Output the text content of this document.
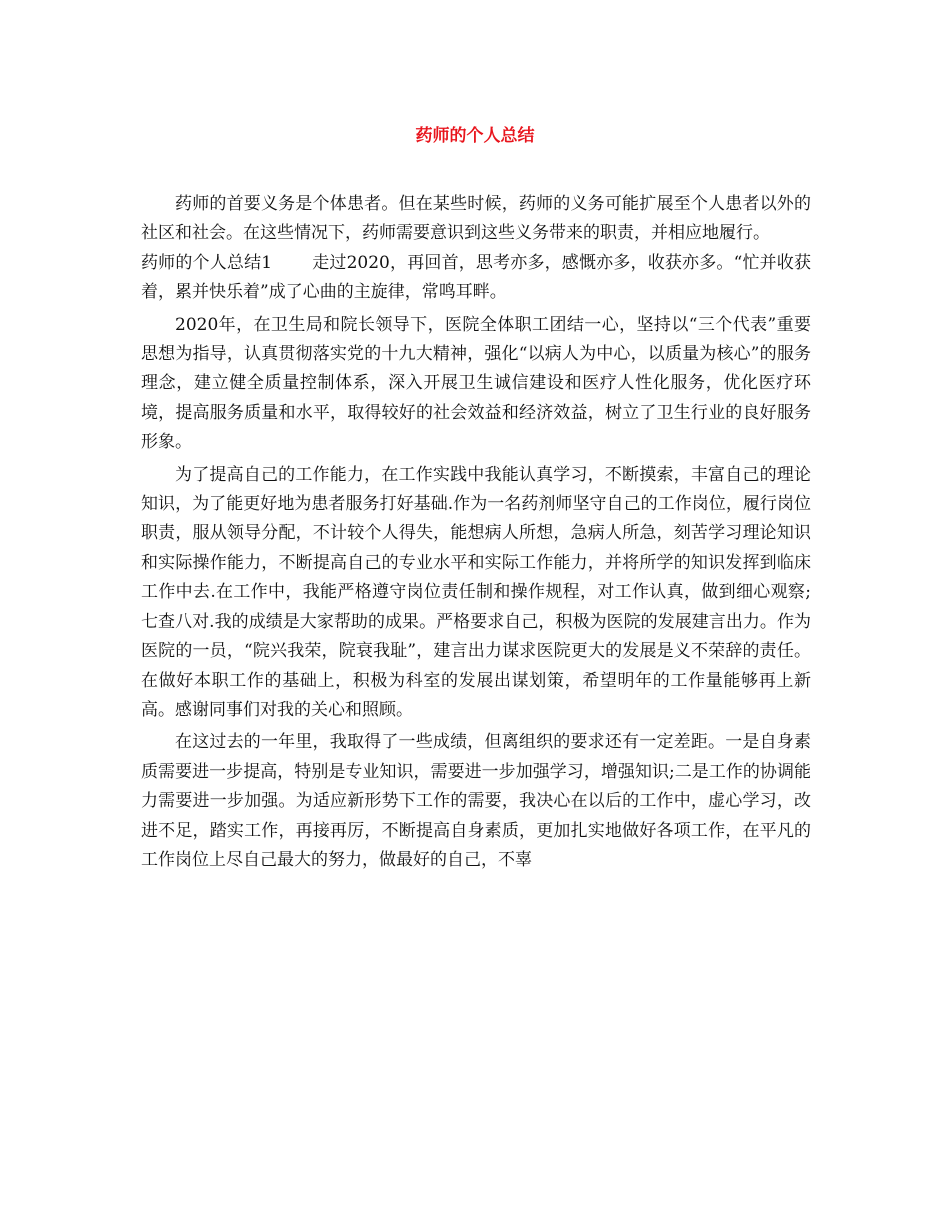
药师的个人总结

药师的首要义务是个体患者。但在某些时候，药师的义务可能扩展至个人患者以外的社区和社会。在这些情况下，药师需要意识到这些义务带来的职责，并相应地履行。

药师的个人总结1 走过2020，再回首，思考亦多，感慨亦多，收获亦多。“忙并收获着，累并快乐着”成了心曲的主旋律，常鸣耳畔。

2020年，在卫生局和院长领导下，医院全体职工团结一心，坚持以“三个代表”重要思想为指导，认真贯彻落实党的十九大精神，强化“以病人为中心，以质量为核心”的服务理念，建立健全质量控制体系，深入开展卫生诚信建设和医疗人性化服务，优化医疗环境，提高服务质量和水平，取得较好的社会效益和经济效益，树立了卫生行业的良好服务形象。

为了提高自己的工作能力，在工作实践中我能认真学习，不断摸索，丰富自己的理论知识，为了能更好地为患者服务打好基础.作为一名药剂师坚守自己的工作岗位，履行岗位职责，服从领导分配，不计较个人得失，能想病人所想，急病人所急，刻苦学习理论知识和实际操作能力，不断提高自己的专业水平和实际工作能力，并将所学的知识发挥到临床工作中去.在工作中，我能严格遵守岗位责任制和操作规程，对工作认真，做到细心观察;七查八对.我的成绩是大家帮助的成果。严格要求自己，积极为医院的发展建言出力。作为医院的一员，“院兴我荣，院衰我耻”，建言出力谋求医院更大的发展是义不荣辞的责任。在做好本职工作的基础上，积极为科室的发展出谋划策，希望明年的工作量能够再上新高。感谢同事们对我的关心和照顾。

在这过去的一年里，我取得了一些成绩，但离组织的要求还有一定差距。一是自身素质需要进一步提高，特别是专业知识，需要进一步加强学习，增强知识;二是工作的协调能力需要进一步加强。为适应新形势下工作的需要，我决心在以后的工作中，虚心学习，改进不足，踏实工作，再接再厉，不断提高自身素质，更加扎实地做好各项工作，在平凡的工作岗位上尽自己最大的努力，做最好的自己，不辜
